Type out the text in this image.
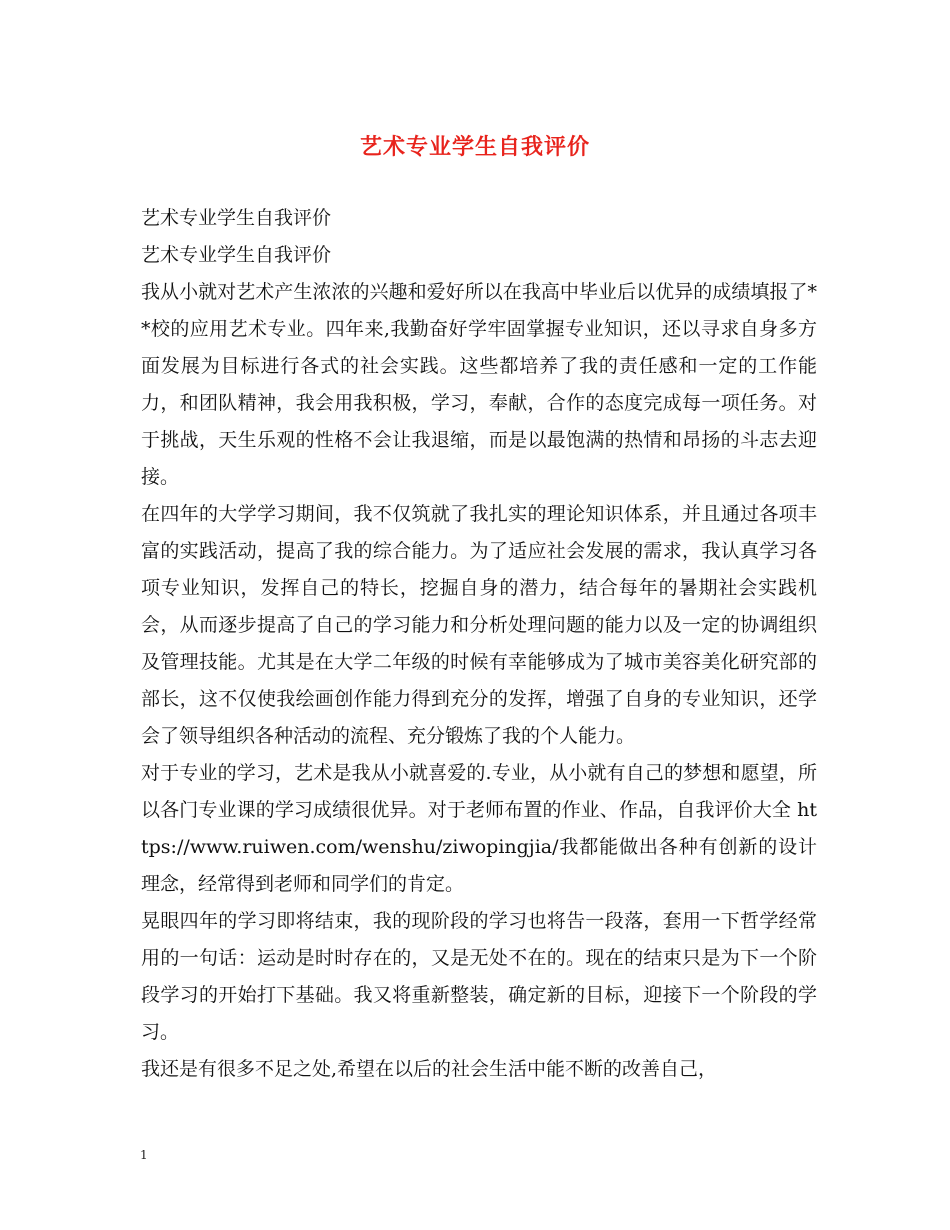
艺术专业学生自我评价

艺术专业学生自我评价

艺术专业学生自我评价

我从小就对艺术产生浓浓的兴趣和爱好所以在我高中毕业后以优异的成绩填报了**校的应用艺术专业。四年来,我勤奋好学牢固掌握专业知识，还以寻求自身多方面发展为目标进行各式的社会实践。这些都培养了我的责任感和一定的工作能力，和团队精神，我会用我积极，学习，奉献，合作的态度完成每一项任务。对于挑战，天生乐观的性格不会让我退缩，而是以最饱满的热情和昂扬的斗志去迎接。

在四年的大学学习期间，我不仅筑就了我扎实的理论知识体系，并且通过各项丰富的实践活动，提高了我的综合能力。为了适应社会发展的需求，我认真学习各项专业知识，发挥自己的特长，挖掘自身的潜力，结合每年的暑期社会实践机会，从而逐步提高了自己的学习能力和分析处理问题的能力以及一定的协调组织及管理技能。尤其是在大学二年级的时候有幸能够成为了城市美容美化研究部的部长，这不仅使我绘画创作能力得到充分的发挥，增强了自身的专业知识，还学会了领导组织各种活动的流程、充分锻炼了我的个人能力。

对于专业的学习，艺术是我从小就喜爱的.专业，从小就有自己的梦想和愿望，所以各门专业课的学习成绩很优异。对于老师布置的作业、作品，自我评价大全 https://www.ruiwen.com/wenshu/ziwopingjia/我都能做出各种有创新的设计理念，经常得到老师和同学们的肯定。

晃眼四年的学习即将结束，我的现阶段的学习也将告一段落，套用一下哲学经常用的一句话：运动是时时存在的，又是无处不在的。现在的结束只是为下一个阶段学习的开始打下基础。我又将重新整装，确定新的目标，迎接下一个阶段的学习。

我还是有很多不足之处,希望在以后的社会生活中能不断的改善自己，

1
